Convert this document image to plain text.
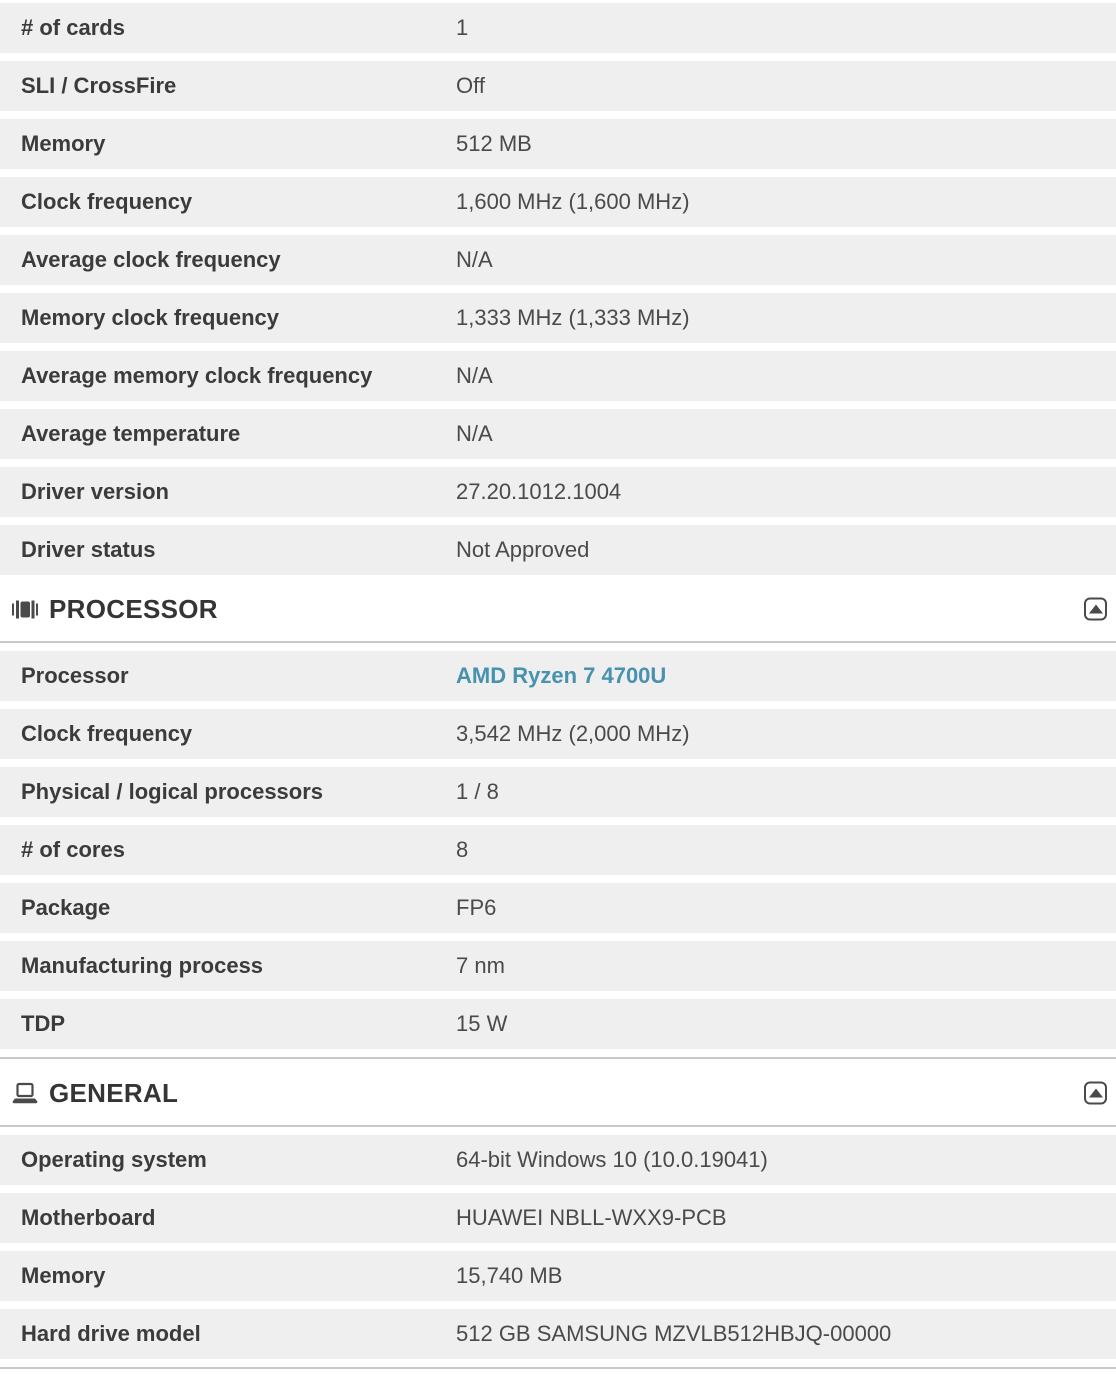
# of cards	1
SLI / CrossFire	Off
Memory	512 MB
Clock frequency	1,600 MHz (1,600 MHz)
Average clock frequency	N/A
Memory clock frequency	1,333 MHz (1,333 MHz)
Average memory clock frequency	N/A
Average temperature	N/A
Driver version	27.20.1012.1004
Driver status	Not Approved
PROCESSOR
Processor	AMD Ryzen 7 4700U
Clock frequency	3,542 MHz (2,000 MHz)
Physical / logical processors	1 / 8
# of cores	8
Package	FP6
Manufacturing process	7 nm
TDP	15 W
GENERAL
Operating system	64-bit Windows 10 (10.0.19041)
Motherboard	HUAWEI NBLL-WXX9-PCB
Memory	15,740 MB
Hard drive model	512 GB SAMSUNG MZVLB512HBJQ-00000
